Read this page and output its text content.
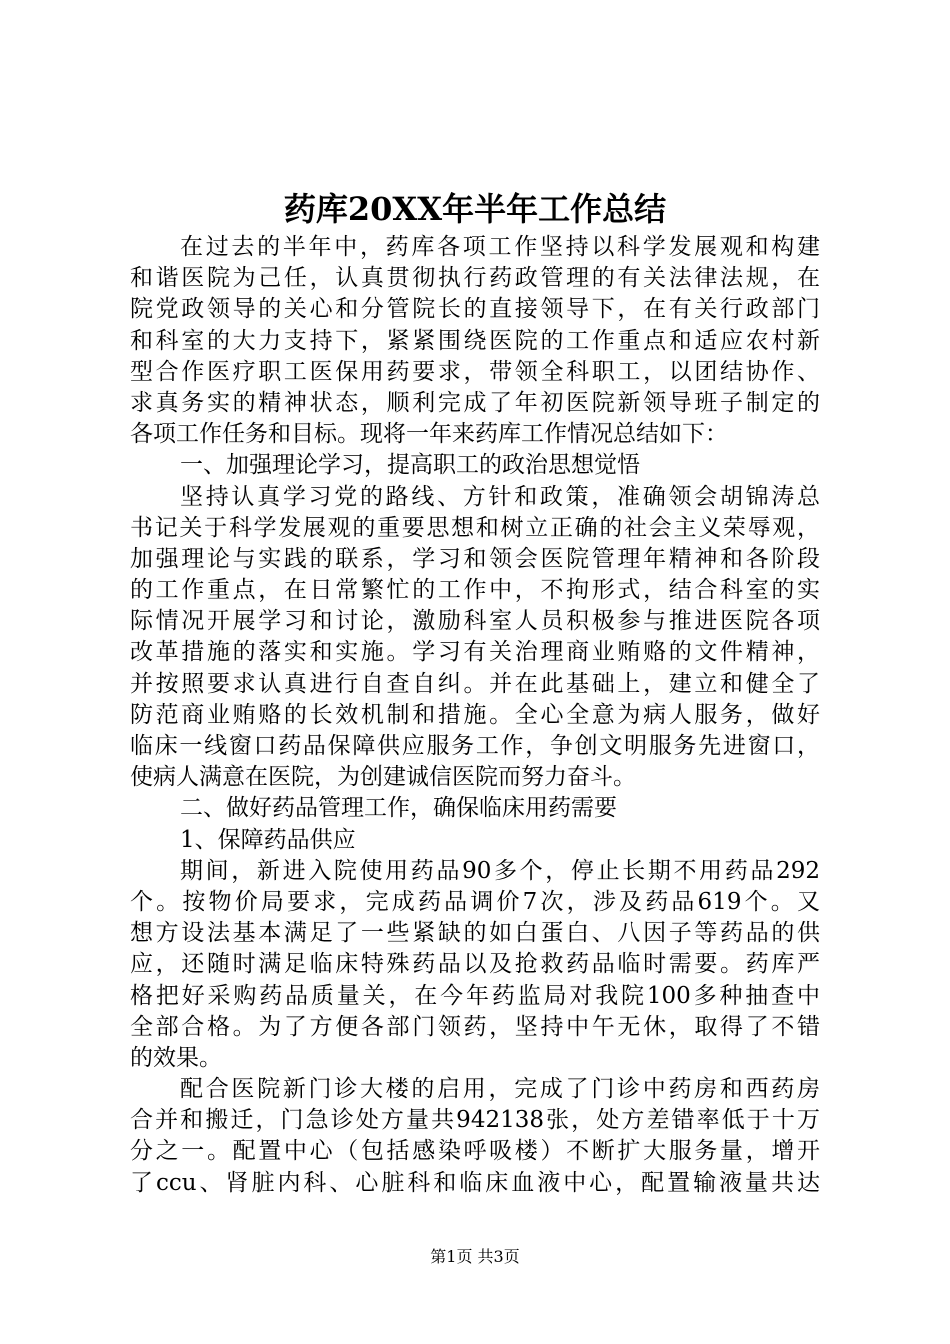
药库20XX年半年工作总结
在过去的半年中，药库各项工作坚持以科学发展观和构建
和谐医院为己任，认真贯彻执行药政管理的有关法律法规，在
院党政领导的关心和分管院长的直接领导下，在有关行政部门
和科室的大力支持下，紧紧围绕医院的工作重点和适应农村新
型合作医疗职工医保用药要求，带领全科职工，以团结协作、
求真务实的精神状态，顺利完成了年初医院新领导班子制定的
各项工作任务和目标。现将一年来药库工作情况总结如下：
一、加强理论学习，提高职工的政治思想觉悟
坚持认真学习党的路线、方针和政策，准确领会胡锦涛总
书记关于科学发展观的重要思想和树立正确的社会主义荣辱观，
加强理论与实践的联系，学习和领会医院管理年精神和各阶段
的工作重点，在日常繁忙的工作中，不拘形式，结合科室的实
际情况开展学习和讨论，激励科室人员积极参与推进医院各项
改革措施的落实和实施。学习有关治理商业贿赂的文件精神，
并按照要求认真进行自查自纠。并在此基础上，建立和健全了
防范商业贿赂的长效机制和措施。全心全意为病人服务，做好
临床一线窗口药品保障供应服务工作，争创文明服务先进窗口，
使病人满意在医院，为创建诚信医院而努力奋斗。
二、做好药品管理工作，确保临床用药需要
1、保障药品供应
期间，新进入院使用药品90多个，停止长期不用药品292
个。按物价局要求，完成药品调价7次，涉及药品619个。又
想方设法基本满足了一些紧缺的如白蛋白、八因子等药品的供
应，还随时满足临床特殊药品以及抢救药品临时需要。药库严
格把好采购药品质量关，在今年药监局对我院100多种抽查中
全部合格。为了方便各部门领药，坚持中午无休，取得了不错
的效果。
配合医院新门诊大楼的启用，完成了门诊中药房和西药房
合并和搬迁，门急诊处方量共942138张，处方差错率低于十万
分之一。配置中心（包括感染呼吸楼）不断扩大服务量，增开
了ccu、肾脏内科、心脏科和临床血液中心，配置输液量共达
第1页 共3页
